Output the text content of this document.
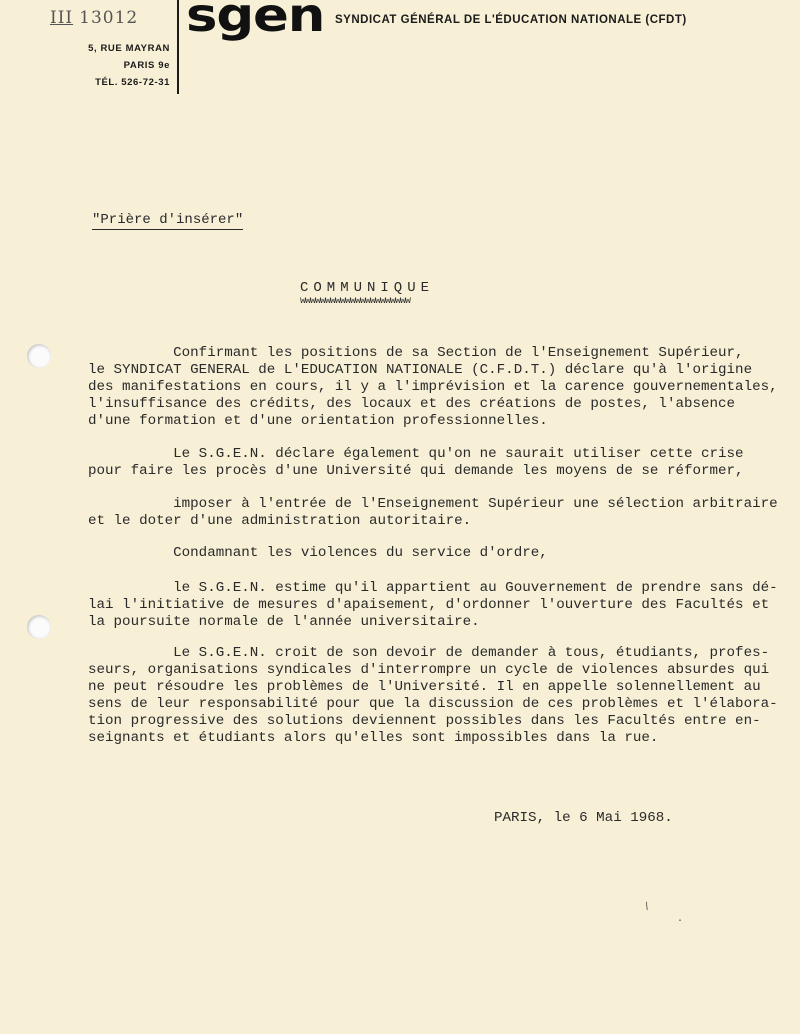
III 13012
5, RUE MAYRAN
PARIS 9e
TÉL. 526-72-31
sgen SYNDICAT GÉNÉRAL DE L'ÉDUCATION NATIONALE (CFDT)
"Prière d'insérer"
COMMUNIQUE
wwwwwwwwwwwwwwwwwwwwww

Confirmant les positions de sa Section de l'Enseignement Supérieur,
le SYNDICAT GENERAL de L'EDUCATION NATIONALE (C.F.D.T.) déclare qu'à l'origine
des manifestations en cours, il y a l'imprévision et la carence gouvernementales,
l'insuffisance des crédits, des locaux et des créations de postes, l'absence
d'une formation et d'une orientation professionnelles.

Le S.G.E.N. déclare également qu'on ne saurait utiliser cette crise
pour faire les procès d'une Université qui demande les moyens de se réformer,

imposer à l'entrée de l'Enseignement Supérieur une sélection arbitraire
et le doter d'une administration autoritaire.

Condamnant les violences du service d'ordre,

le S.G.E.N. estime qu'il appartient au Gouvernement de prendre sans dé-
lai l'initiative de mesures d'apaisement, d'ordonner l'ouverture des Facultés et
la poursuite normale de l'année universitaire.

Le S.G.E.N. croit de son devoir de demander à tous, étudiants, profes-
seurs, organisations syndicales d'interrompre un cycle de violences absurdes qui
ne peut résoudre les problèmes de l'Université. Il en appelle solennellement au
sens de leur responsabilité pour que la discussion de ces problèmes et l'élabora-
tion progressive des solutions deviennent possibles dans les Facultés entre en-
seignants et étudiants alors qu'elles sont impossibles dans la rue.

PARIS, le 6 Mai 1968.
/
·
